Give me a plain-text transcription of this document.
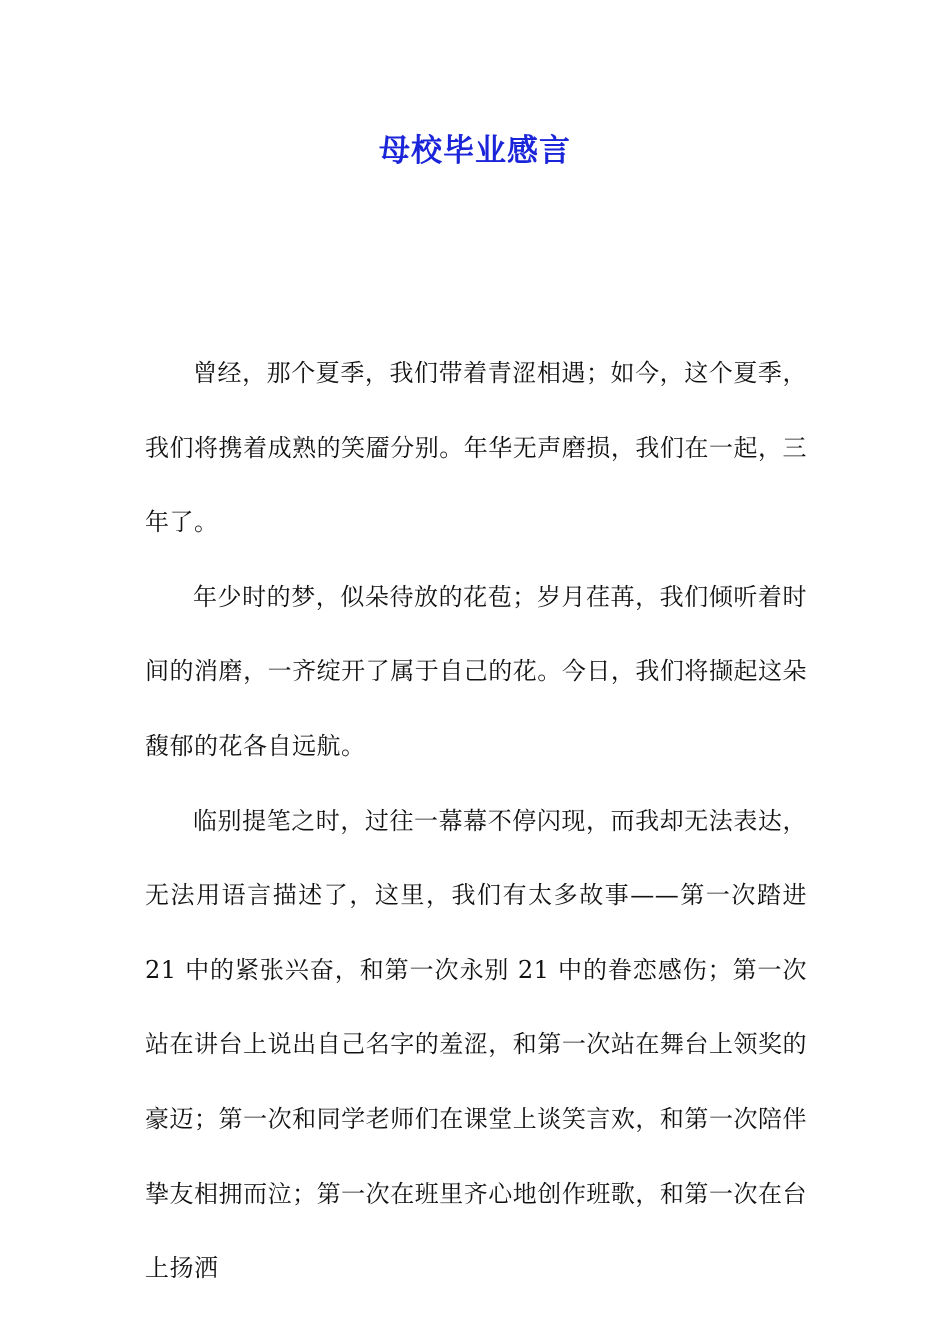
母校毕业感言

曾经，那个夏季，我们带着青涩相遇；如今，这个夏季，我们将携着成熟的笑靥分别。年华无声磨损，我们在一起，三年了。

年少时的梦，似朵待放的花苞；岁月荏苒，我们倾听着时间的消磨，一齐绽开了属于自己的花。今日，我们将撷起这朵馥郁的花各自远航。

临别提笔之时，过往一幕幕不停闪现，而我却无法表达，无法用语言描述了，这里，我们有太多故事——第一次踏进 21 中的紧张兴奋，和第一次永别 21 中的眷恋感伤；第一次站在讲台上说出自己名字的羞涩，和第一次站在舞台上领奖的豪迈；第一次和同学老师们在课堂上谈笑言欢，和第一次陪伴挚友相拥而泣；第一次在班里齐心地创作班歌，和第一次在台上扬洒
